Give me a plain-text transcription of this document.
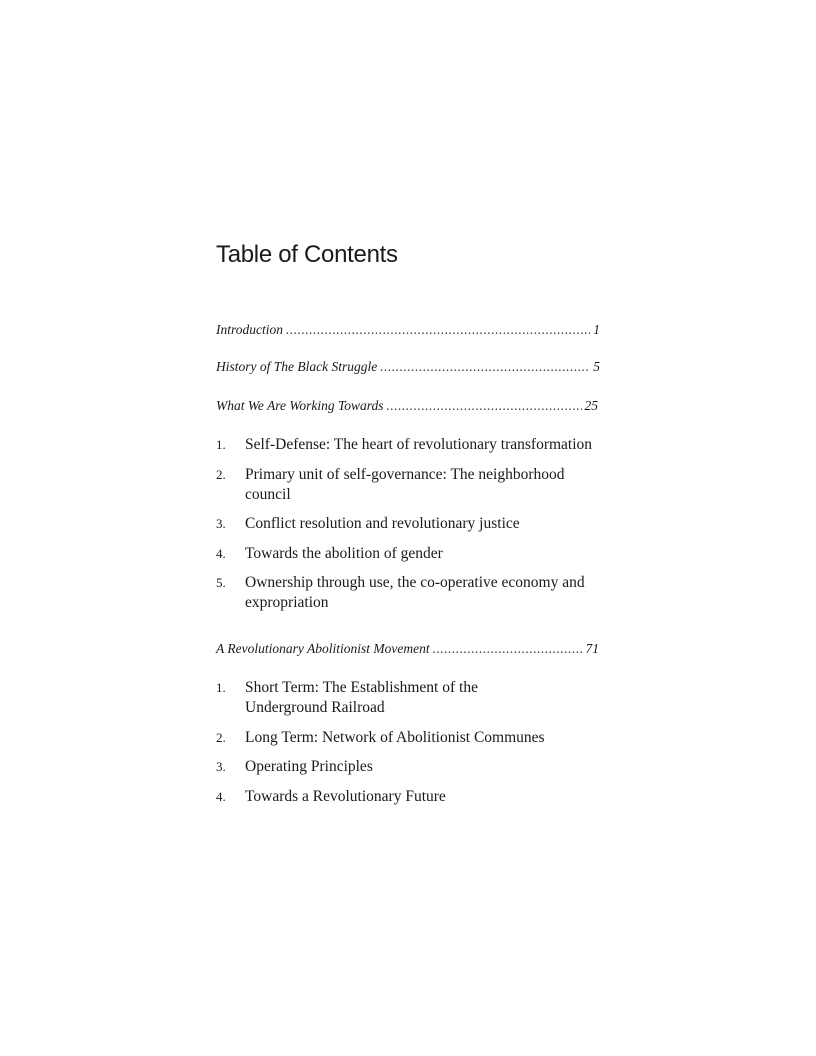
Table of Contents
Introduction .....	1
History of The Black Struggle .....	5
What We Are Working Towards .....	25
1.	Self-Defense: The heart of revolutionary transformation
2.	Primary unit of self-governance: The neighborhood council
3.	Conflict resolution and revolutionary justice
4.	Towards the abolition of gender
5.	Ownership through use, the co-operative economy and expropriation
A Revolutionary Abolitionist Movement .....	71
1.	Short Term: The Establishment of the Underground Railroad
2.	Long Term: Network of Abolitionist Communes
3.	Operating Principles
4.	Towards a Revolutionary Future
